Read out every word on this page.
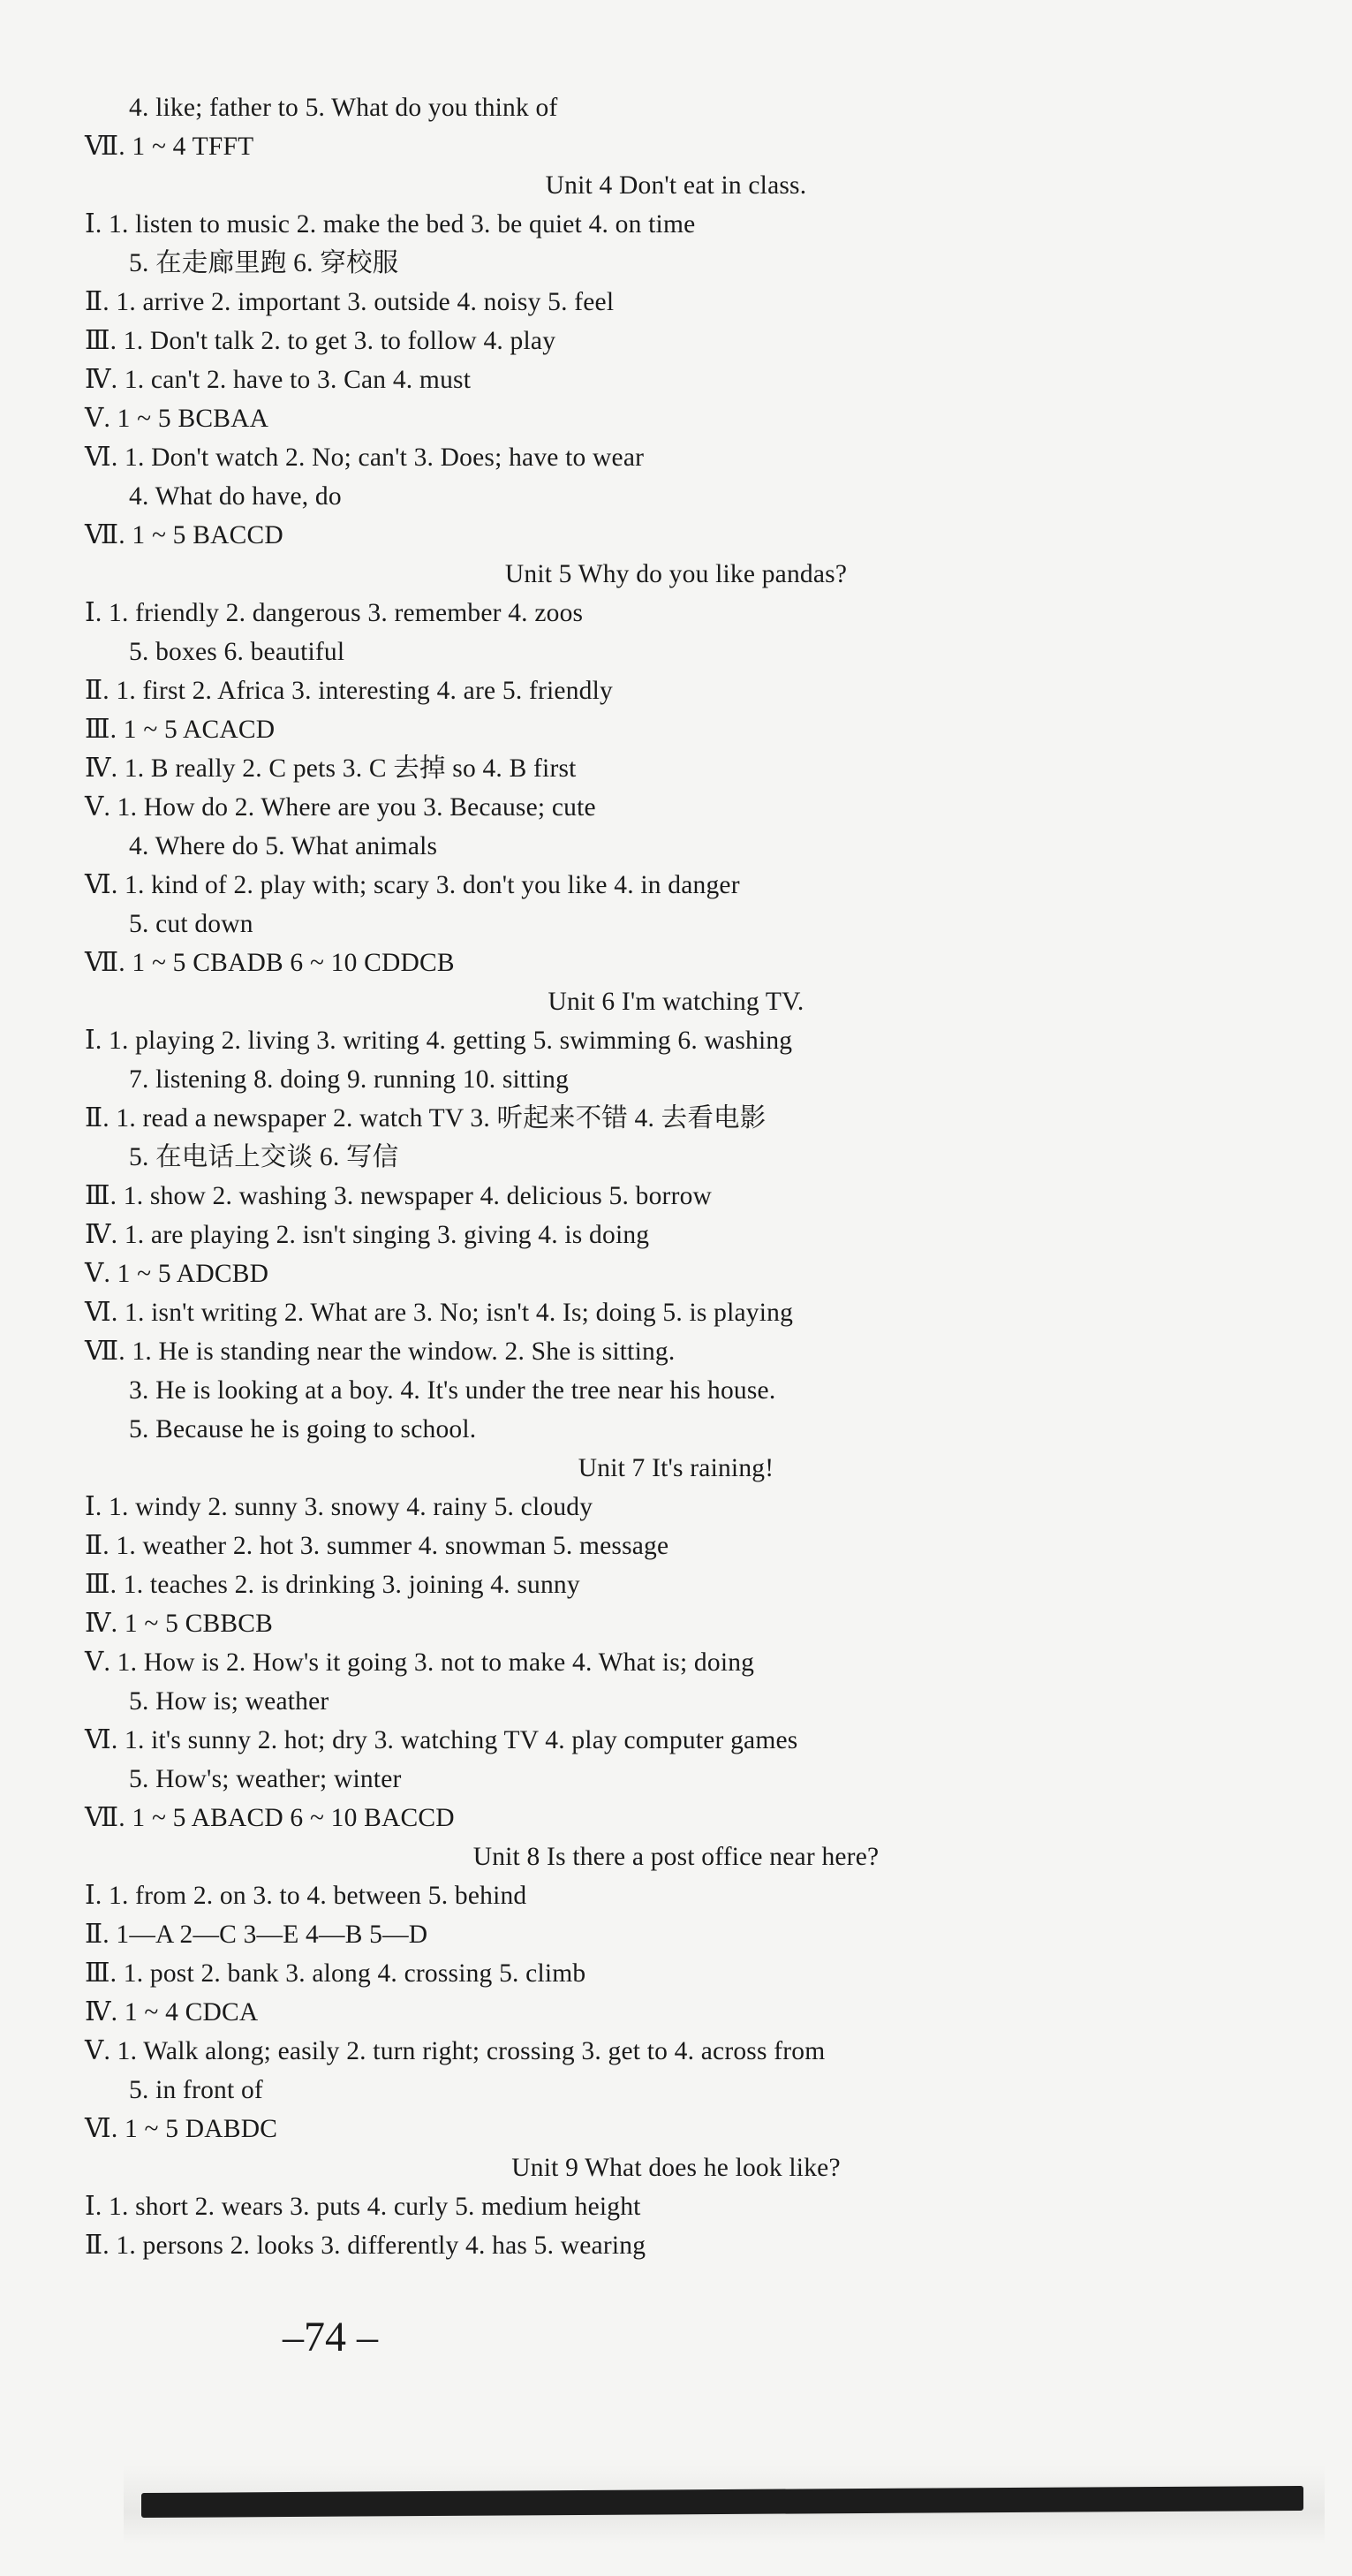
4. like; father to 5. What do you think of
Ⅶ. 1 ~ 4 TFFT
Unit 4 Don't eat in class.
Ⅰ. 1. listen to music 2. make the bed 3. be quiet 4. on time
5. 在走廊里跑 6. 穿校服
Ⅱ. 1. arrive 2. important 3. outside 4. noisy 5. feel
Ⅲ. 1. Don't talk 2. to get 3. to follow 4. play
Ⅳ. 1. can't 2. have to 3. Can 4. must
Ⅴ. 1 ~ 5 BCBAA
Ⅵ. 1. Don't watch 2. No; can't 3. Does; have to wear
4. What do have, do
Ⅶ. 1 ~ 5 BACCD
Unit 5 Why do you like pandas?
Ⅰ. 1. friendly 2. dangerous 3. remember 4. zoos
5. boxes 6. beautiful
Ⅱ. 1. first 2. Africa 3. interesting 4. are 5. friendly
Ⅲ. 1 ~ 5 ACACD
Ⅳ. 1. B really 2. C pets 3. C 去掉 so 4. B first
Ⅴ. 1. How do 2. Where are you 3. Because; cute
4. Where do 5. What animals
Ⅵ. 1. kind of 2. play with; scary 3. don't you like 4. in danger
5. cut down
Ⅶ. 1 ~ 5 CBADB 6 ~ 10 CDDCB
Unit 6 I'm watching TV.
Ⅰ. 1. playing 2. living 3. writing 4. getting 5. swimming 6. washing
7. listening 8. doing 9. running 10. sitting
Ⅱ. 1. read a newspaper 2. watch TV 3. 听起来不错 4. 去看电影
5. 在电话上交谈 6. 写信
Ⅲ. 1. show 2. washing 3. newspaper 4. delicious 5. borrow
Ⅳ. 1. are playing 2. isn't singing 3. giving 4. is doing
Ⅴ. 1 ~ 5 ADCBD
Ⅵ. 1. isn't writing 2. What are 3. No; isn't 4. Is; doing 5. is playing
Ⅶ. 1. He is standing near the window. 2. She is sitting.
3. He is looking at a boy. 4. It's under the tree near his house.
5. Because he is going to school.
Unit 7 It's raining!
Ⅰ. 1. windy 2. sunny 3. snowy 4. rainy 5. cloudy
Ⅱ. 1. weather 2. hot 3. summer 4. snowman 5. message
Ⅲ. 1. teaches 2. is drinking 3. joining 4. sunny
Ⅳ. 1 ~ 5 CBBCB
Ⅴ. 1. How is 2. How's it going 3. not to make 4. What is; doing
5. How is; weather
Ⅵ. 1. it's sunny 2. hot; dry 3. watching TV 4. play computer games
5. How's; weather; winter
Ⅶ. 1 ~ 5 ABACD 6 ~ 10 BACCD
Unit 8 Is there a post office near here?
Ⅰ. 1. from 2. on 3. to 4. between 5. behind
Ⅱ. 1—A 2—C 3—E 4—B 5—D
Ⅲ. 1. post 2. bank 3. along 4. crossing 5. climb
Ⅳ. 1 ~ 4 CDCA
Ⅴ. 1. Walk along; easily 2. turn right; crossing 3. get to 4. across from
5. in front of
Ⅵ. 1 ~ 5 DABDC
Unit 9 What does he look like?
Ⅰ. 1. short 2. wears 3. puts 4. curly 5. medium height
Ⅱ. 1. persons 2. looks 3. differently 4. has 5. wearing
–74 –
